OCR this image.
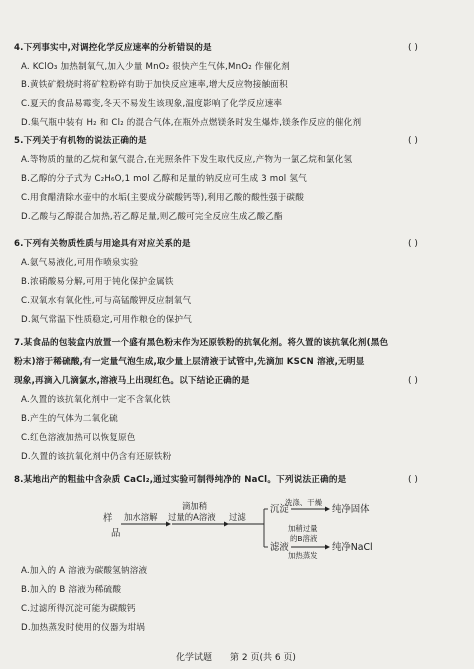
4.下列事实中,对调控化学反应速率的分析错误的是	( )
A. KClO₃ 加热制氧气,加入少量 MnO₂ 很快产生气体,MnO₂ 作催化剂
B.黄铁矿煅烧时将矿粒粉碎有助于加快反应速率,增大反应物接触面积
C.夏天的食品易霉变,冬天不易发生该现象,温度影响了化学反应速率
D.集气瓶中装有 H₂ 和 Cl₂ 的混合气体,在瓶外点燃镁条时发生爆炸,镁条作反应的催化剂
5.下列关于有机物的说法正确的是	( )
A.等物质的量的乙烷和氯气混合,在光照条件下发生取代反应,产物为一氯乙烷和氯化氢
B.乙醇的分子式为 C₂H₆O,1 mol 乙醇和足量的钠反应可生成 3 mol 氢气
C.用食醋清除水壶中的水垢(主要成分碳酸钙等),利用乙酸的酸性强于碳酸
D.乙酸与乙醇混合加热,若乙醇足量,则乙酸可完全反应生成乙酸乙酯
6.下列有关物质性质与用途具有对应关系的是	( )
A.氨气易液化,可用作喷泉实验
B.浓硝酸易分解,可用于钝化保护金属铁
C.双氧水有氧化性,可与高锰酸钾反应制氧气
D.氮气常温下性质稳定,可用作粮仓的保护气
7.某食品的包装盒内放置一个盛有黑色粉末作为还原铁粉的抗氧化剂。将久置的该抗氧化剂(黑色
粉末)溶于稀硫酸,有一定量气泡生成,取少量上层清液于试管中,先滴加 KSCN 溶液,无明显
现象,再滴入几滴氯水,溶液马上出现红色。以下结论正确的是	( )
A.久置的该抗氧化剂中一定不含氧化铁
B.产生的气体为二氧化硫
C.红色溶液加热可以恢复原色
D.久置的该抗氧化剂中仍含有还原铁粉
8.某地出产的粗盐中含杂质 CaCl₂,通过实验可制得纯净的 NaCl。下列说法正确的是	( )
样
品
加水溶解
滴加稍
过量的A溶液 过滤
沉淀
洗涤、干燥
纯净固体
滤液
加稍过量
的B溶液
加热蒸发
纯净NaCl
A.加入的 A 溶液为碳酸氢钠溶液
B.加入的 B 溶液为稀硫酸
C.过滤所得沉淀可能为碳酸钙
D.加热蒸发时使用的仪器为坩埚
化学试题 第 2 页(共 6 页)
